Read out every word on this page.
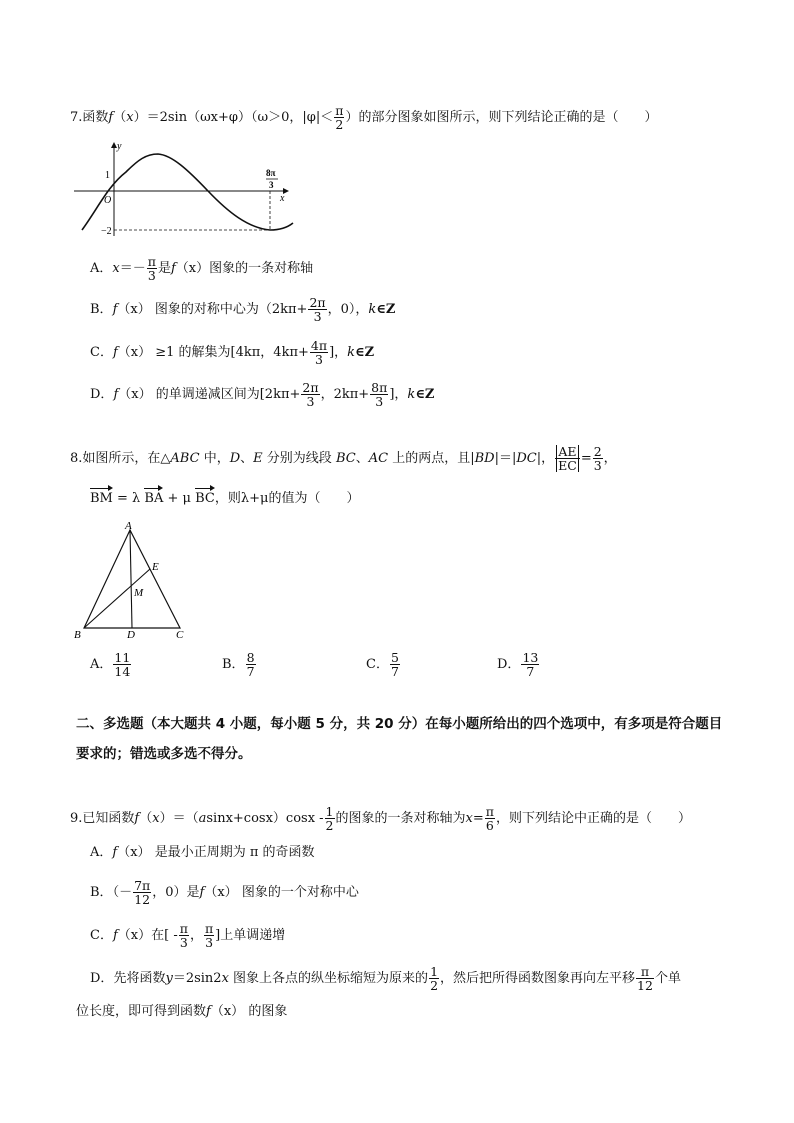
7.函数f（x）＝2sin（ωx+φ）（ω＞0，$|\varphi|< \frac{\pi}{2}$ ）的部分图象如图所示，则下列结论正确的是（　　）
y
x
O
1
−2
8π
3
A．$x=- \frac{\pi}{3}$ 是f（x）图象的一条对称轴
B．f（x） 图象的对称中心为（$2k\pi+ \frac{2\pi}{3}$ ，0），k∈Z
C．f（x） ≥1 的解集为[4kπ，$4k\pi+ \frac{4\pi}{3}$ ]，k∈Z
D．f（x） 的单调递减区间为[$2k\pi+ \frac{2\pi}{3}$ ，$2k\pi+ \frac{8\pi}{3}$ ]，k∈Z
8.如图所示，在△ABC 中，D、E 分别为线段 BC、AC 上的两点，且|BD|＝|DC|， $\frac{AE}{EC} = \frac{2}{3}$ ，
BM = λ BA + μ BC，则λ+μ的值为（　　）
A
B	C
D
E
M
A． $\frac{11}{14}$	B． $\frac{8}{7}$	C． $\frac{5}{7}$	D． $\frac{13}{7}$
二、多选题（本大题共 4 小题，每小题 5 分，共 20 分）在每小题所给出的四个选项中，有多项是符合题目
要求的；错选或多选不得分。
9.已知函数$f(x)=(asinx+\cos x)\cos x - \frac{1}{2}$ 的图象的一条对称轴为$x= \frac{\pi}{6}$ ，则下列结论中正确的是（　　）
A．f（x） 是最小正周期为 π 的奇函数
B．（－ $\frac{7\pi}{12}$ ，0）是f（x） 图象的一个对称中心
C．f（x）在[ - $\frac{\pi}{3}$ ， $\frac{\pi}{3}$ ]上单调递增
D．先将函数y＝2sin2x 图象上各点的纵坐标缩短为原来的 $\frac{1}{2}$ ，然后把所得函数图象再向左平移 $\frac{\pi}{12}$ 个单
位长度，即可得到函数f（x） 的图象
